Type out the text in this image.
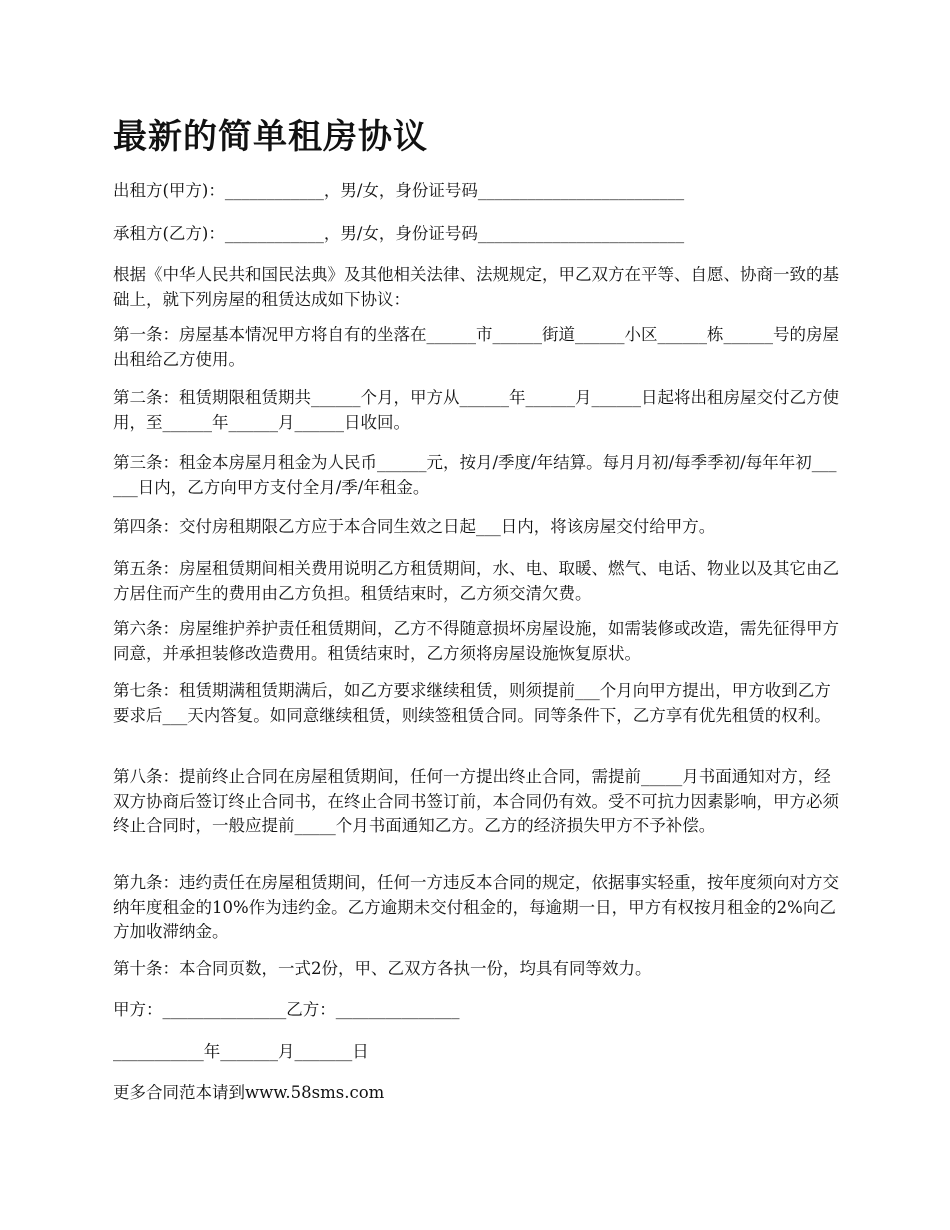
最新的简单租房协议

出租方(甲方)：____________，男/女，身份证号码_________________________

承租方(乙方)：____________，男/女，身份证号码_________________________

根据《中华人民共和国民法典》及其他相关法律、法规规定，甲乙双方在平等、自愿、协商一致的基础上，就下列房屋的租赁达成如下协议：

第一条：房屋基本情况甲方将自有的坐落在______市______街道______小区______栋______号的房屋出租给乙方使用。

第二条：租赁期限租赁期共______个月，甲方从______年______月______日起将出租房屋交付乙方使用，至______年______月______日收回。

第三条：租金本房屋月租金为人民币______元，按月/季度/年结算。每月月初/每季季初/每年年初______日内，乙方向甲方支付全月/季/年租金。

第四条：交付房租期限乙方应于本合同生效之日起___日内，将该房屋交付给甲方。

第五条：房屋租赁期间相关费用说明乙方租赁期间，水、电、取暖、燃气、电话、物业以及其它由乙方居住而产生的费用由乙方负担。租赁结束时，乙方须交清欠费。

第六条：房屋维护养护责任租赁期间，乙方不得随意损坏房屋设施，如需装修或改造，需先征得甲方同意，并承担装修改造费用。租赁结束时，乙方须将房屋设施恢复原状。

第七条：租赁期满租赁期满后，如乙方要求继续租赁，则须提前___个月向甲方提出，甲方收到乙方要求后___天内答复。如同意继续租赁，则续签租赁合同。同等条件下，乙方享有优先租赁的权利。

第八条：提前终止合同在房屋租赁期间，任何一方提出终止合同，需提前_____月书面通知对方，经双方协商后签订终止合同书，在终止合同书签订前，本合同仍有效。受不可抗力因素影响，甲方必须终止合同时，一般应提前_____个月书面通知乙方。乙方的经济损失甲方不予补偿。

第九条：违约责任在房屋租赁期间，任何一方违反本合同的规定，依据事实轻重，按年度须向对方交纳年度租金的10%作为违约金。乙方逾期未交付租金的，每逾期一日，甲方有权按月租金的2%向乙方加收滞纳金。

第十条：本合同页数，一式2份，甲、乙双方各执一份，均具有同等效力。

甲方：_______________乙方：_______________

___________年_______月_______日

更多合同范本请到www.58sms.com
